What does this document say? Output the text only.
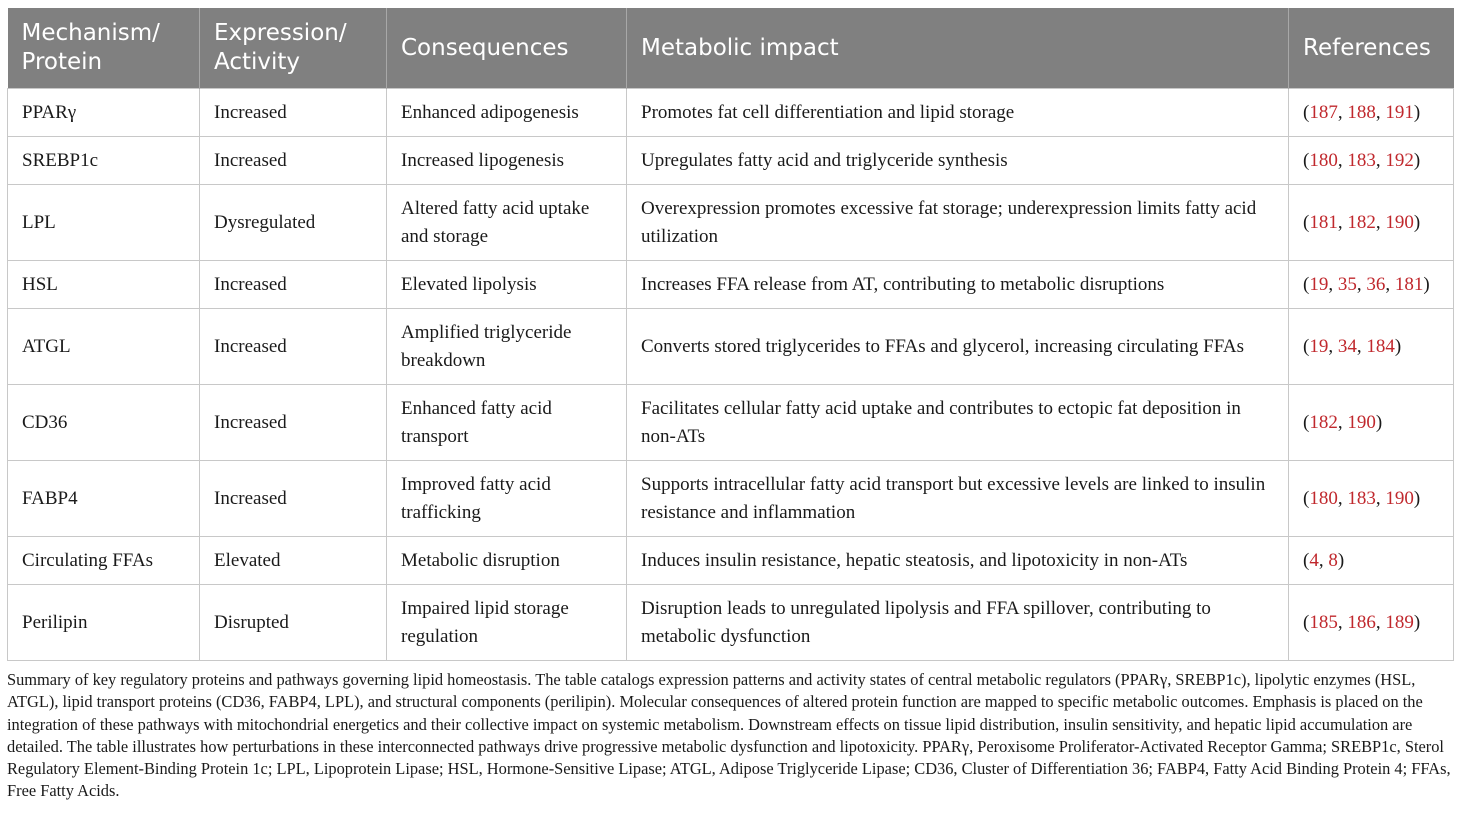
Mechanism/ Protein	Expression/ Activity	Consequences	Metabolic impact	References
PPARγ	Increased	Enhanced adipogenesis	Promotes fat cell differentiation and lipid storage	(187, 188, 191)
SREBP1c	Increased	Increased lipogenesis	Upregulates fatty acid and triglyceride synthesis	(180, 183, 192)
LPL	Dysregulated	Altered fatty acid uptake and storage	Overexpression promotes excessive fat storage; underexpression limits fatty acid utilization	(181, 182, 190)
HSL	Increased	Elevated lipolysis	Increases FFA release from AT, contributing to metabolic disruptions	(19, 35, 36, 181)
ATGL	Increased	Amplified triglyceride breakdown	Converts stored triglycerides to FFAs and glycerol, increasing circulating FFAs	(19, 34, 184)
CD36	Increased	Enhanced fatty acid transport	Facilitates cellular fatty acid uptake and contributes to ectopic fat deposition in non-ATs	(182, 190)
FABP4	Increased	Improved fatty acid trafficking	Supports intracellular fatty acid transport but excessive levels are linked to insulin resistance and inflammation	(180, 183, 190)
Circulating FFAs	Elevated	Metabolic disruption	Induces insulin resistance, hepatic steatosis, and lipotoxicity in non-ATs	(4, 8)
Perilipin	Disrupted	Impaired lipid storage regulation	Disruption leads to unregulated lipolysis and FFA spillover, contributing to metabolic dysfunction	(185, 186, 189)

Summary of key regulatory proteins and pathways governing lipid homeostasis. The table catalogs expression patterns and activity states of central metabolic regulators (PPARγ, SREBP1c), lipolytic enzymes (HSL, ATGL), lipid transport proteins (CD36, FABP4, LPL), and structural components (perilipin). Molecular consequences of altered protein function are mapped to specific metabolic outcomes. Emphasis is placed on the integration of these pathways with mitochondrial energetics and their collective impact on systemic metabolism. Downstream effects on tissue lipid distribution, insulin sensitivity, and hepatic lipid accumulation are detailed. The table illustrates how perturbations in these interconnected pathways drive progressive metabolic dysfunction and lipotoxicity. PPARγ, Peroxisome Proliferator-Activated Receptor Gamma; SREBP1c, Sterol Regulatory Element-Binding Protein 1c; LPL, Lipoprotein Lipase; HSL, Hormone-Sensitive Lipase; ATGL, Adipose Triglyceride Lipase; CD36, Cluster of Differentiation 36; FABP4, Fatty Acid Binding Protein 4; FFAs, Free Fatty Acids.
